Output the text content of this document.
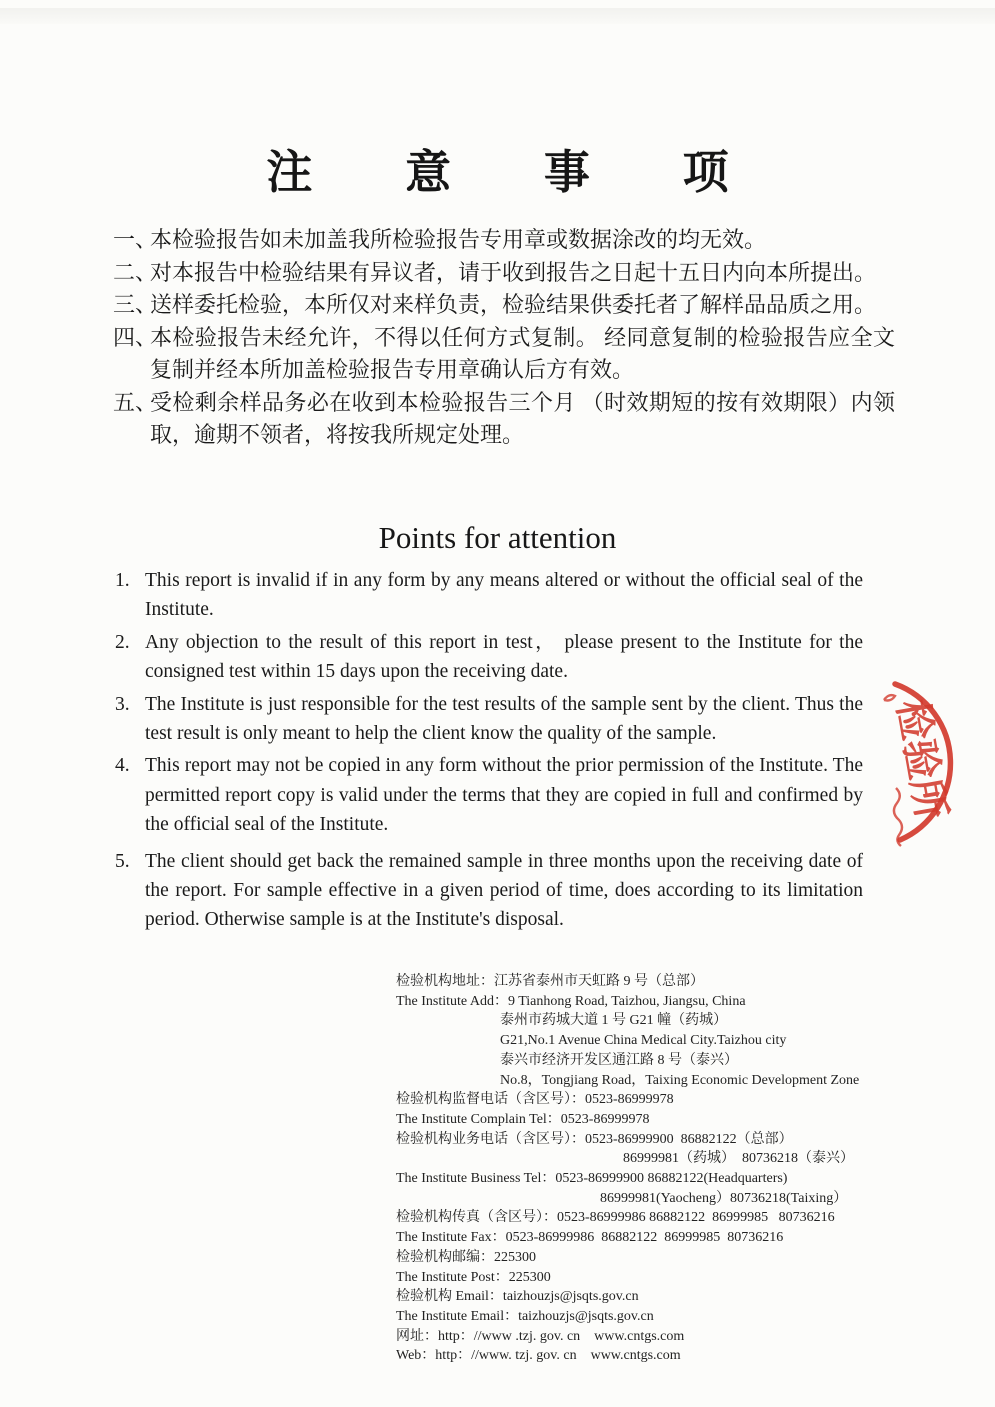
注 意 事 项
一、
本检验报告如未加盖我所检验报告专用章或数据涂改的均无效。
二、
对本报告中检验结果有异议者，请于收到报告之日起十五日内向本所提出。
三、
送样委托检验，本所仅对来样负责，检验结果供委托者了解样品品质之用。
四、
本检验报告未经允许，不得以任何方式复制。 经同意复制的检验报告应全文复制并经本所加盖检验报告专用章确认后方有效。
五、
受检剩余样品务必在收到本检验报告三个月 （时效期短的按有效期限）内领取，逾期不领者，将按我所规定处理。
Points for attention
1. This report is invalid if in any form by any means altered or without the official seal of the Institute.
2. Any objection to the result of this report in test， please present to the Institute for the consigned test within 15 days upon the receiving date.
3. The Institute is just responsible for the test results of the sample sent by the client. Thus the test result is only meant to help the client know the quality of the sample.
4. This report may not be copied in any form without the prior permission of the Institute. The permitted report copy is valid under the terms that they are copied in full and confirmed by the official seal of the Institute.
5. The client should get back the remained sample in three months upon the receiving date of the report. For sample effective in a given period of time, does according to its limitation period. Otherwise sample is at the Institute's disposal.
检验机构地址：江苏省泰州市天虹路 9 号（总部）
The Institute Add：9 Tianhong Road, Taizhou, Jiangsu, China
泰州市药城大道 1 号 G21 幢（药城）
G21,No.1 Avenue China Medical City.Taizhou city
泰兴市经济开发区通江路 8 号（泰兴）
No.8，Tongjiang Road，Taixing Economic Development Zone
检验机构监督电话（含区号）：0523-86999978
The Institute Complain Tel：0523-86999978
检验机构业务电话（含区号）：0523-86999900  86882122（总部）
86999981（药城）  80736218（泰兴）
The Institute Business Tel：0523-86999900 86882122(Headquarters)
86999981(Yaocheng）80736218(Taixing）
检验机构传真（含区号）：0523-86999986 86882122  86999985   80736216
The Institute Fax：0523-86999986  86882122  86999985  80736216
检验机构邮编：225300
The Institute Post：225300
检验机构 Email：taizhouzjs@jsqts.gov.cn
The Institute Email：taizhouzjs@jsqts.gov.cn
网址：http：//www .tzj. gov. cn    www.cntgs.com
Web：http：//www. tzj. gov. cn    www.cntgs.com
检验所
